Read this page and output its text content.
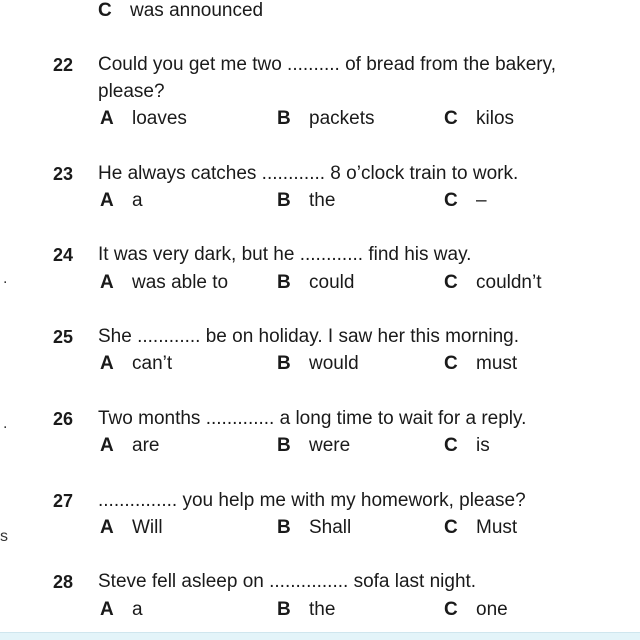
C was announced
22 Could you get me two .......... of bread from the bakery,
please?
A loaves	B packets	C kilos
23 He always catches ............ 8 o’clock train to work.
A a	B the	C –
24 It was very dark, but he ............ find his way.
A was able to	B could	C couldn’t
25 She ............ be on holiday. I saw her this morning.
A can’t	B would	C must
26 Two months ............. a long time to wait for a reply.
A are	B were	C is
27 ............... you help me with my homework, please?
A Will	B Shall	C Must
28 Steve fell asleep on ............... sofa last night.
A a	B the	C one
.
.
s
